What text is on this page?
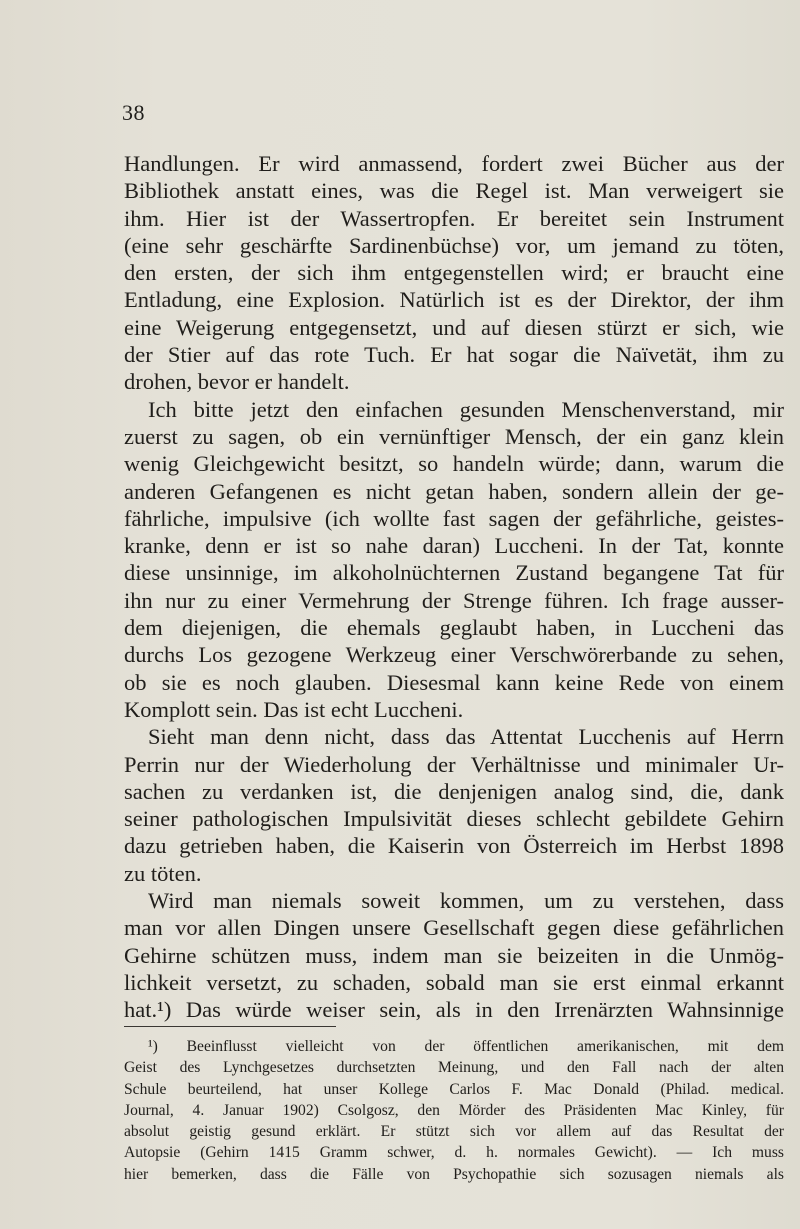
38
Handlungen. Er wird anmassend, fordert zwei Bücher aus der
Bibliothek anstatt eines, was die Regel ist. Man verweigert sie
ihm. Hier ist der Wassertropfen. Er bereitet sein Instrument
(eine sehr geschärfte Sardinenbüchse) vor, um jemand zu töten,
den ersten, der sich ihm entgegenstellen wird; er braucht eine
Entladung, eine Explosion. Natürlich ist es der Direktor, der ihm
eine Weigerung entgegensetzt, und auf diesen stürzt er sich, wie
der Stier auf das rote Tuch. Er hat sogar die Naïvetät, ihm zu
drohen, bevor er handelt.
Ich bitte jetzt den einfachen gesunden Menschenverstand, mir
zuerst zu sagen, ob ein vernünftiger Mensch, der ein ganz klein
wenig Gleichgewicht besitzt, so handeln würde; dann, warum die
anderen Gefangenen es nicht getan haben, sondern allein der ge-
fährliche, impulsive (ich wollte fast sagen der gefährliche, geistes-
kranke, denn er ist so nahe daran) Luccheni. In der Tat, konnte
diese unsinnige, im alkoholnüchternen Zustand begangene Tat für
ihn nur zu einer Vermehrung der Strenge führen. Ich frage ausser-
dem diejenigen, die ehemals geglaubt haben, in Luccheni das
durchs Los gezogene Werkzeug einer Verschwörerbande zu sehen,
ob sie es noch glauben. Diesesmal kann keine Rede von einem
Komplott sein. Das ist echt Luccheni.
Sieht man denn nicht, dass das Attentat Lucchenis auf Herrn
Perrin nur der Wiederholung der Verhältnisse und minimaler Ur-
sachen zu verdanken ist, die denjenigen analog sind, die, dank
seiner pathologischen Impulsivität dieses schlecht gebildete Gehirn
dazu getrieben haben, die Kaiserin von Österreich im Herbst 1898
zu töten.
Wird man niemals soweit kommen, um zu verstehen, dass
man vor allen Dingen unsere Gesellschaft gegen diese gefährlichen
Gehirne schützen muss, indem man sie beizeiten in die Unmög-
lichkeit versetzt, zu schaden, sobald man sie erst einmal erkannt
hat.¹) Das würde weiser sein, als in den Irrenärzten Wahnsinnige
¹) Beeinflusst vielleicht von der öffentlichen amerikanischen, mit dem
Geist des Lynchgesetzes durchsetzten Meinung, und den Fall nach der alten
Schule beurteilend, hat unser Kollege Carlos F. Mac Donald (Philad. medical.
Journal, 4. Januar 1902) Csolgosz, den Mörder des Präsidenten Mac Kinley, für
absolut geistig gesund erklärt. Er stützt sich vor allem auf das Resultat der
Autopsie (Gehirn 1415 Gramm schwer, d. h. normales Gewicht). — Ich muss
hier bemerken, dass die Fälle von Psychopathie sich sozusagen niemals als
